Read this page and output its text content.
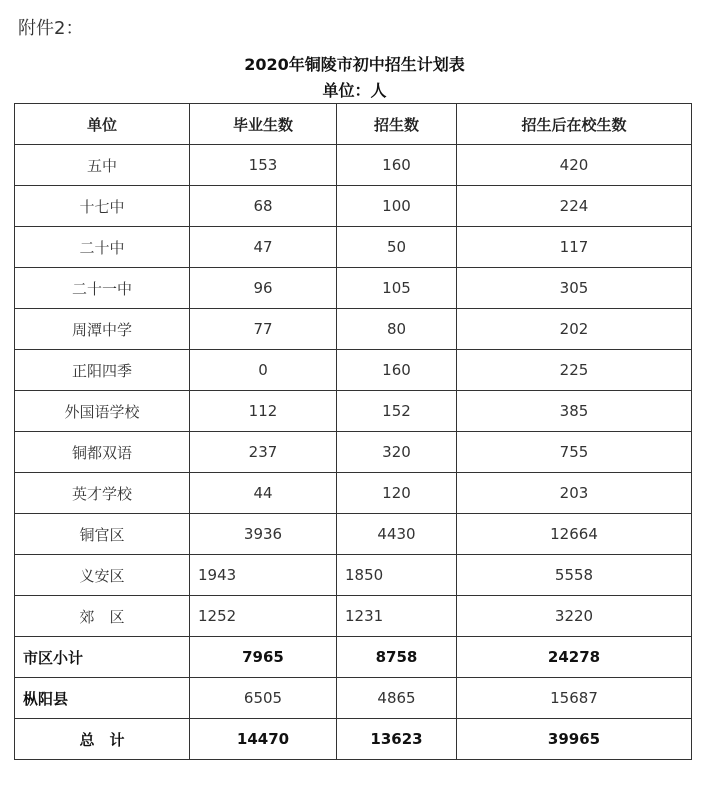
附件2：
2020年铜陵市初中招生计划表
单位：人
单位	毕业生数	招生数	招生后在校生数
五中	153	160	420
十七中	68	100	224
二十中	47	50	117
二十一中	96	105	305
周潭中学	77	80	202
正阳四季	0	160	225
外国语学校	112	152	385
铜都双语	237	320	755
英才学校	44	120	203
铜官区	3936	4430	12664
义安区	1943	1850	5558
郊　区	1252	1231	3220
市区小计	7965	8758	24278
枞阳县	6505	4865	15687
总　计	14470	13623	39965
